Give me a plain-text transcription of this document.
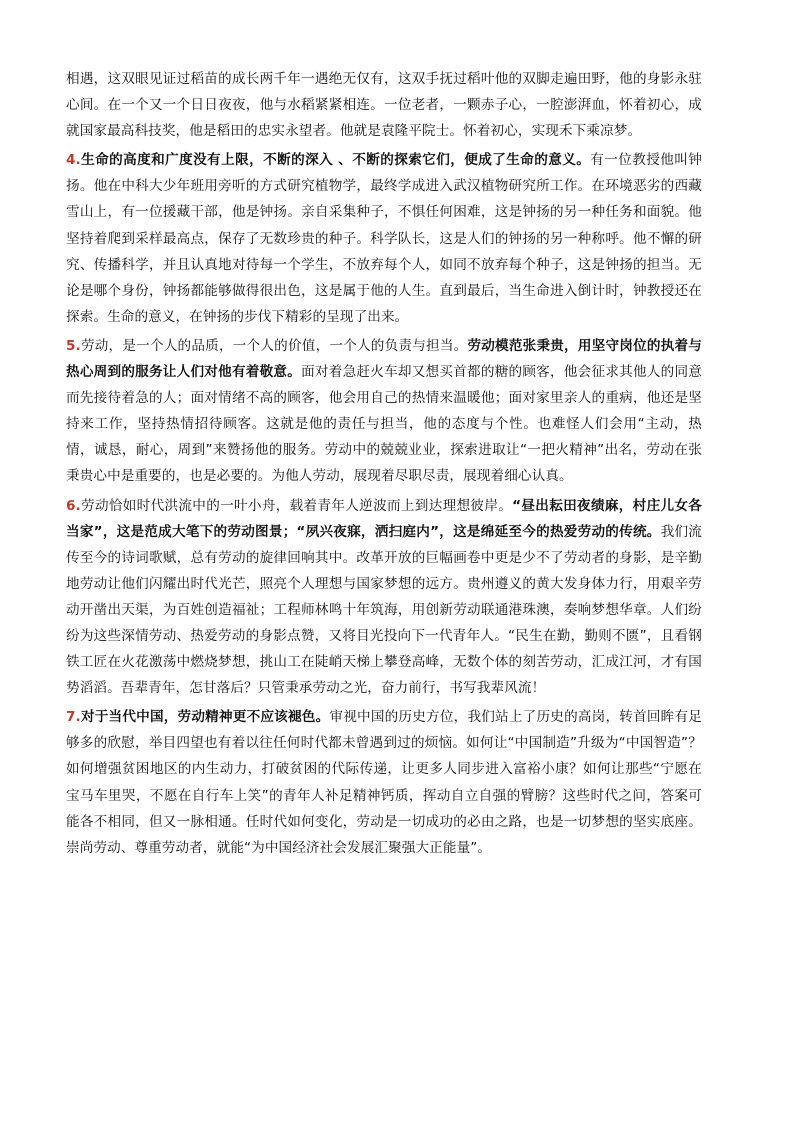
相遇，这双眼见证过稻苗的成长两千年一遇绝无仅有，这双手抚过稻叶他的双脚走遍田野，他的身影永驻心间。在一个又一个日日夜夜，他与水稻紧紧相连。一位老者，一颗赤子心，一腔澎湃血，怀着初心，成就国家最高科技奖，他是稻田的忠实永望者。他就是袁隆平院士。怀着初心，实现禾下乘凉梦。

4.生命的高度和广度没有上限，不断的深入 、不断的探索它们，便成了生命的意义。有一位教授他叫钟扬。他在中科大少年班用旁听的方式研究植物学，最终学成进入武汉植物研究所工作。在环境恶劣的西藏雪山上，有一位援藏干部，他是钟扬。亲自采集种子，不惧任何困难，这是钟扬的另一种任务和面貌。他坚持着爬到采样最高点，保存了无数珍贵的种子。科学队长，这是人们的钟扬的另一种称呼。他不懈的研究、传播科学，并且认真地对待每一个学生，不放弃每个人，如同不放弃每个种子，这是钟扬的担当。无论是哪个身份，钟扬都能够做得很出色，这是属于他的人生。直到最后，当生命进入倒计时，钟教授还在探索。生命的意义，在钟扬的步伐下精彩的呈现了出来。

5.劳动，是一个人的品质，一个人的价值，一个人的负责与担当。劳动模范张秉贵，用坚守岗位的执着与热心周到的服务让人们对他有着敬意。面对着急赶火车却又想买首都的糖的顾客，他会征求其他人的同意而先接待着急的人；面对情绪不高的顾客，他会用自己的热情来温暖他；面对家里亲人的重病，他还是坚持来工作，坚持热情招待顾客。这就是他的责任与担当，他的态度与个性。也难怪人们会用“主动，热情，诚恳，耐心，周到”来赞扬他的服务。劳动中的兢兢业业，探索进取让“一把火精神”出名，劳动在张秉贵心中是重要的，也是必要的。为他人劳动，展现着尽职尽责，展现着细心认真。

6.劳动恰如时代洪流中的一叶小舟，载着青年人逆波而上到达理想彼岸。“昼出耘田夜绩麻，村庄儿女各当家”，这是范成大笔下的劳动图景；“夙兴夜寐，洒扫庭内”，这是绵延至今的热爱劳动的传统。我们流传至今的诗词歌赋，总有劳动的旋律回响其中。改革开放的巨幅画卷中更是少不了劳动者的身影，是辛勤地劳动让他们闪耀出时代光芒，照亮个人理想与国家梦想的远方。贵州遵义的黄大发身体力行，用艰辛劳动开凿出天渠，为百姓创造福祉；工程师林鸣十年筑海，用创新劳动联通港珠澳，奏响梦想华章。人们纷纷为这些深情劳动、热爱劳动的身影点赞，又将目光投向下一代青年人。“民生在勤，勤则不匮”，且看钢铁工匠在火花激荡中燃烧梦想，挑山工在陡峭天梯上攀登高峰，无数个体的刻苦劳动，汇成江河，才有国势滔滔。吾辈青年，怎甘落后？只管秉承劳动之光，奋力前行，书写我辈风流！

7.对于当代中国，劳动精神更不应该褪色。审视中国的历史方位，我们站上了历史的高岗，转首回眸有足够多的欣慰，举目四望也有着以往任何时代都未曾遇到过的烦恼。如何让“中国制造”升级为“中国智造”？如何增强贫困地区的内生动力，打破贫困的代际传递，让更多人同步进入富裕小康？如何让那些“宁愿在宝马车里哭，不愿在自行车上笑”的青年人补足精神钙质，挥动自立自强的臂膀？这些时代之问，答案可能各不相同，但又一脉相通。任时代如何变化，劳动是一切成功的必由之路，也是一切梦想的坚实底座。崇尚劳动、尊重劳动者，就能“为中国经济社会发展汇聚强大正能量”。
